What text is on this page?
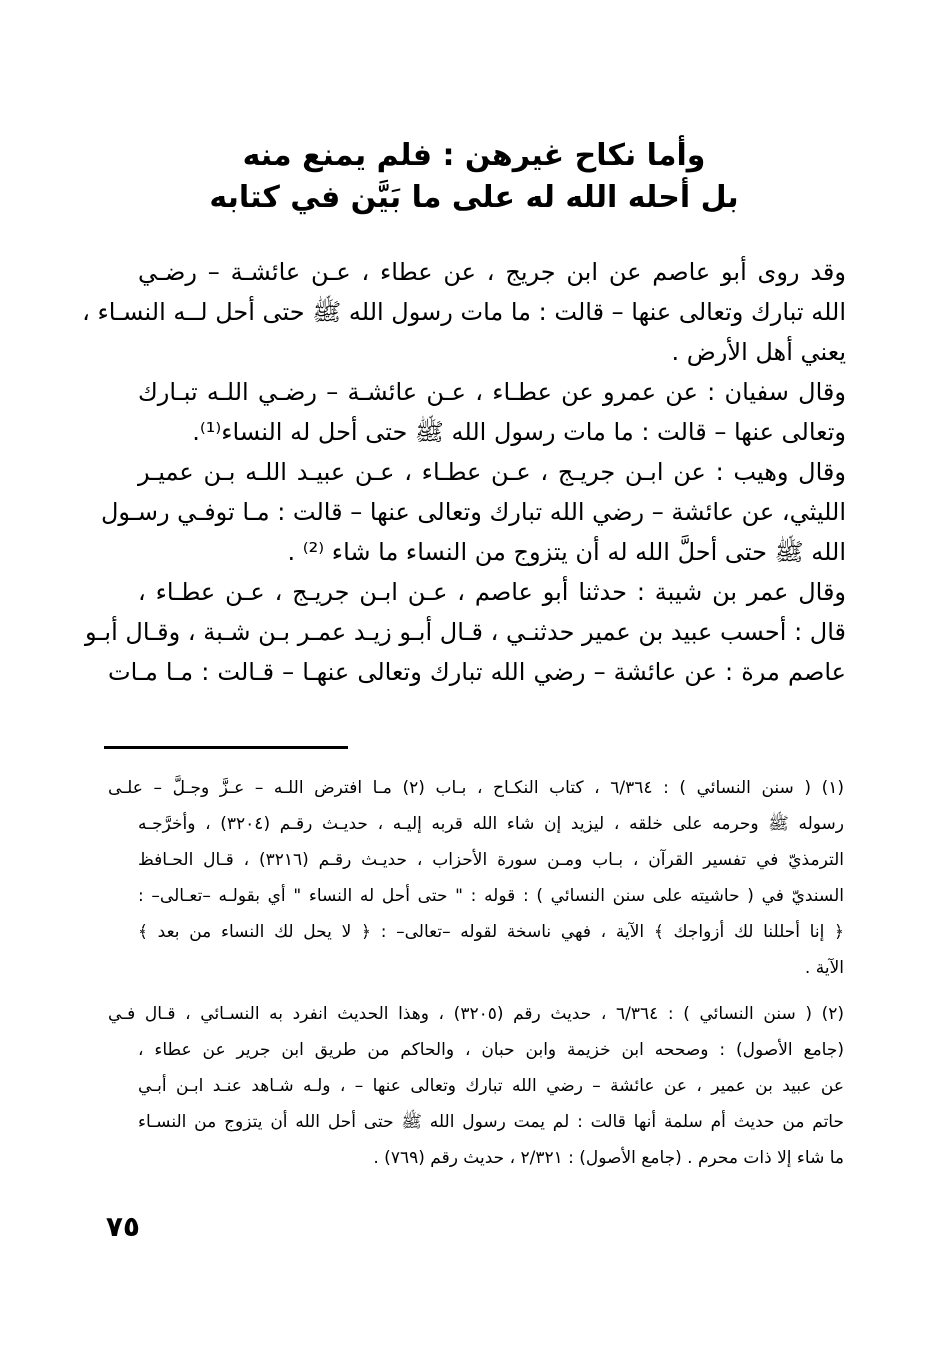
وأما نكاح غيرهن : فلم يمنع منه
بل أحله الله له على ما بَيَّن في كتابه
وقد روى أبو عاصم عن ابن جريج ، عن عطاء ، عـن عائشـة – رضـي
الله تبارك وتعالى عنها – قالت : ما مات رسول الله ﷺ حتى أحل لــه النسـاء ،
يعني أهل الأرض .
وقال سفيان : عن عمرو عن عطـاء ، عـن عائشـة – رضـي اللـه تبـارك
وتعالى عنها – قالت : ما مات رسول الله ﷺ حتى أحل له النساء⁽¹⁾.
وقال وهيب : عن ابـن جريـج ، عـن عطـاء ، عـن عبيـد اللـه بـن عميـر
الليثي، عن عائشة – رضي الله تبارك وتعالى عنها – قالت : مـا توفـي رسـول
الله ﷺ حتى أحلَّ الله له أن يتزوج من النساء ما شاء ⁽²⁾ .
وقال عمر بن شيبة : حدثنا أبو عاصم ، عـن ابـن جريـج ، عـن عطـاء ،
قال : أحسب عبيد بن عمير حدثنـي ، قـال أبـو زيـد عمـر بـن شـبة ، وقـال أبـو
عاصم مرة : عن عائشة – رضي الله تبارك وتعالى عنهـا – قـالت : مـا مـات
(١) ( سنن النسائي ) : ٦/٣٦٤ ، كتاب النكـاح ، بـاب (٢) مـا افترض اللـه – عـزَّ وجـلَّ – علـى
رسوله ﷺ وحرمه على خلقه ، ليزيد إن شاء الله قربه إليـه ، حديـث رقـم (٣٢٠٤) ، وأخرَّجـه
الترمذيّ في تفسير القرآن ، بـاب ومـن سورة الأحزاب ، حديـث رقـم (٣٢١٦) ، قـال الحـافظ
السنديّ في ( حاشيته على سنن النسائي ) : قوله : " حتى أحل له النساء " أي بقولـه –تعـالى– :
﴿ إنا أحللنا لك أزواجك ﴾ الآية ، فهي ناسخة لقوله –تعالى– : ﴿ لا يحل لك النساء من بعد ﴾
الآية .
(٢) ( سنن النسائي ) : ٦/٣٦٤ ، حديث رقم (٣٢٠٥) ، وهذا الحديث انفرد به النسـائي ، قـال فـي
(جامع الأصول) : وصححه ابن خزيمة وابن حبان ، والحاكم من طريق ابن جرير عن عطاء ،
عن عبيد بن عمير ، عن عائشة – رضي الله تبارك وتعالى عنها – ، ولـه شـاهد عنـد ابـن أبـي
حاتم من حديث أم سلمة أنها قالت : لم يمت رسول الله ﷺ حتى أحل الله أن يتزوج من النسـاء
ما شاء إلا ذات محرم . (جامع الأصول) : ٢/٣٢١ ، حديث رقم (٧٦٩) .
٧٥
